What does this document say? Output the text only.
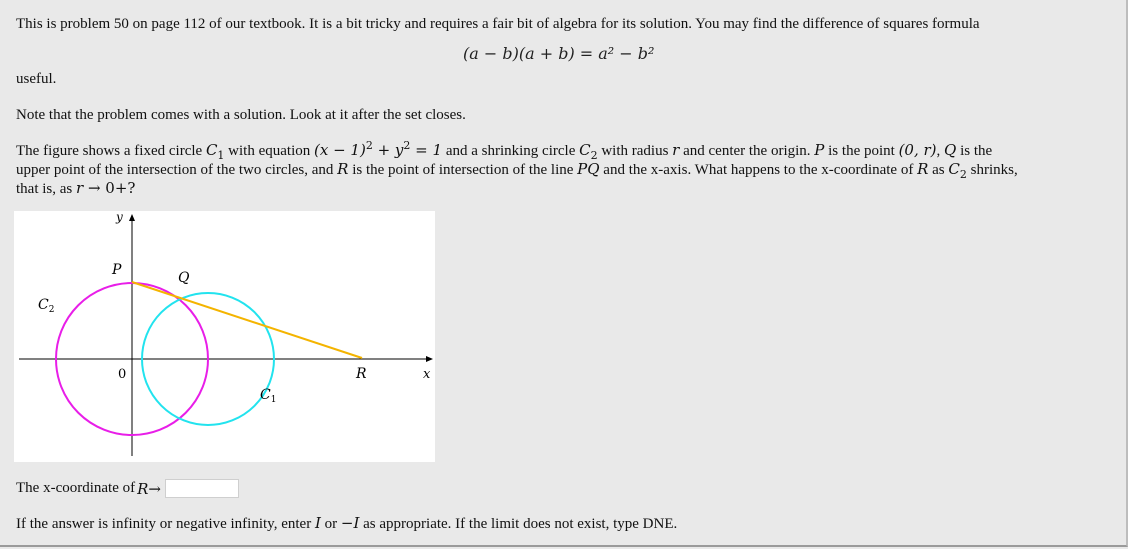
This is problem 50 on page 112 of our textbook. It is a bit tricky and requires a fair bit of algebra for its solution. You may find the difference of squares formula
(a − b)(a + b) = a² − b²
useful.
Note that the problem comes with a solution. Look at it after the set closes.
The figure shows a fixed circle $C_1$ with equation $(x - 1)^2 + y^2 = 1$ and a shrinking circle $C_2$ with radius r and center the origin. P is the point (0, r), Q is the
upper point of the intersection of the two circles, and R is the point of intersection of the line PQ and the x-axis. What happens to the x-coordinate of R as $C_2$ shrinks,
that is, as r → 0+?
y
x
P	Q
R
0
$C_1$
$C_2$
The x-coordinate of R →
If the answer is infinity or negative infinity, enter I or −I as appropriate. If the limit does not exist, type DNE.
